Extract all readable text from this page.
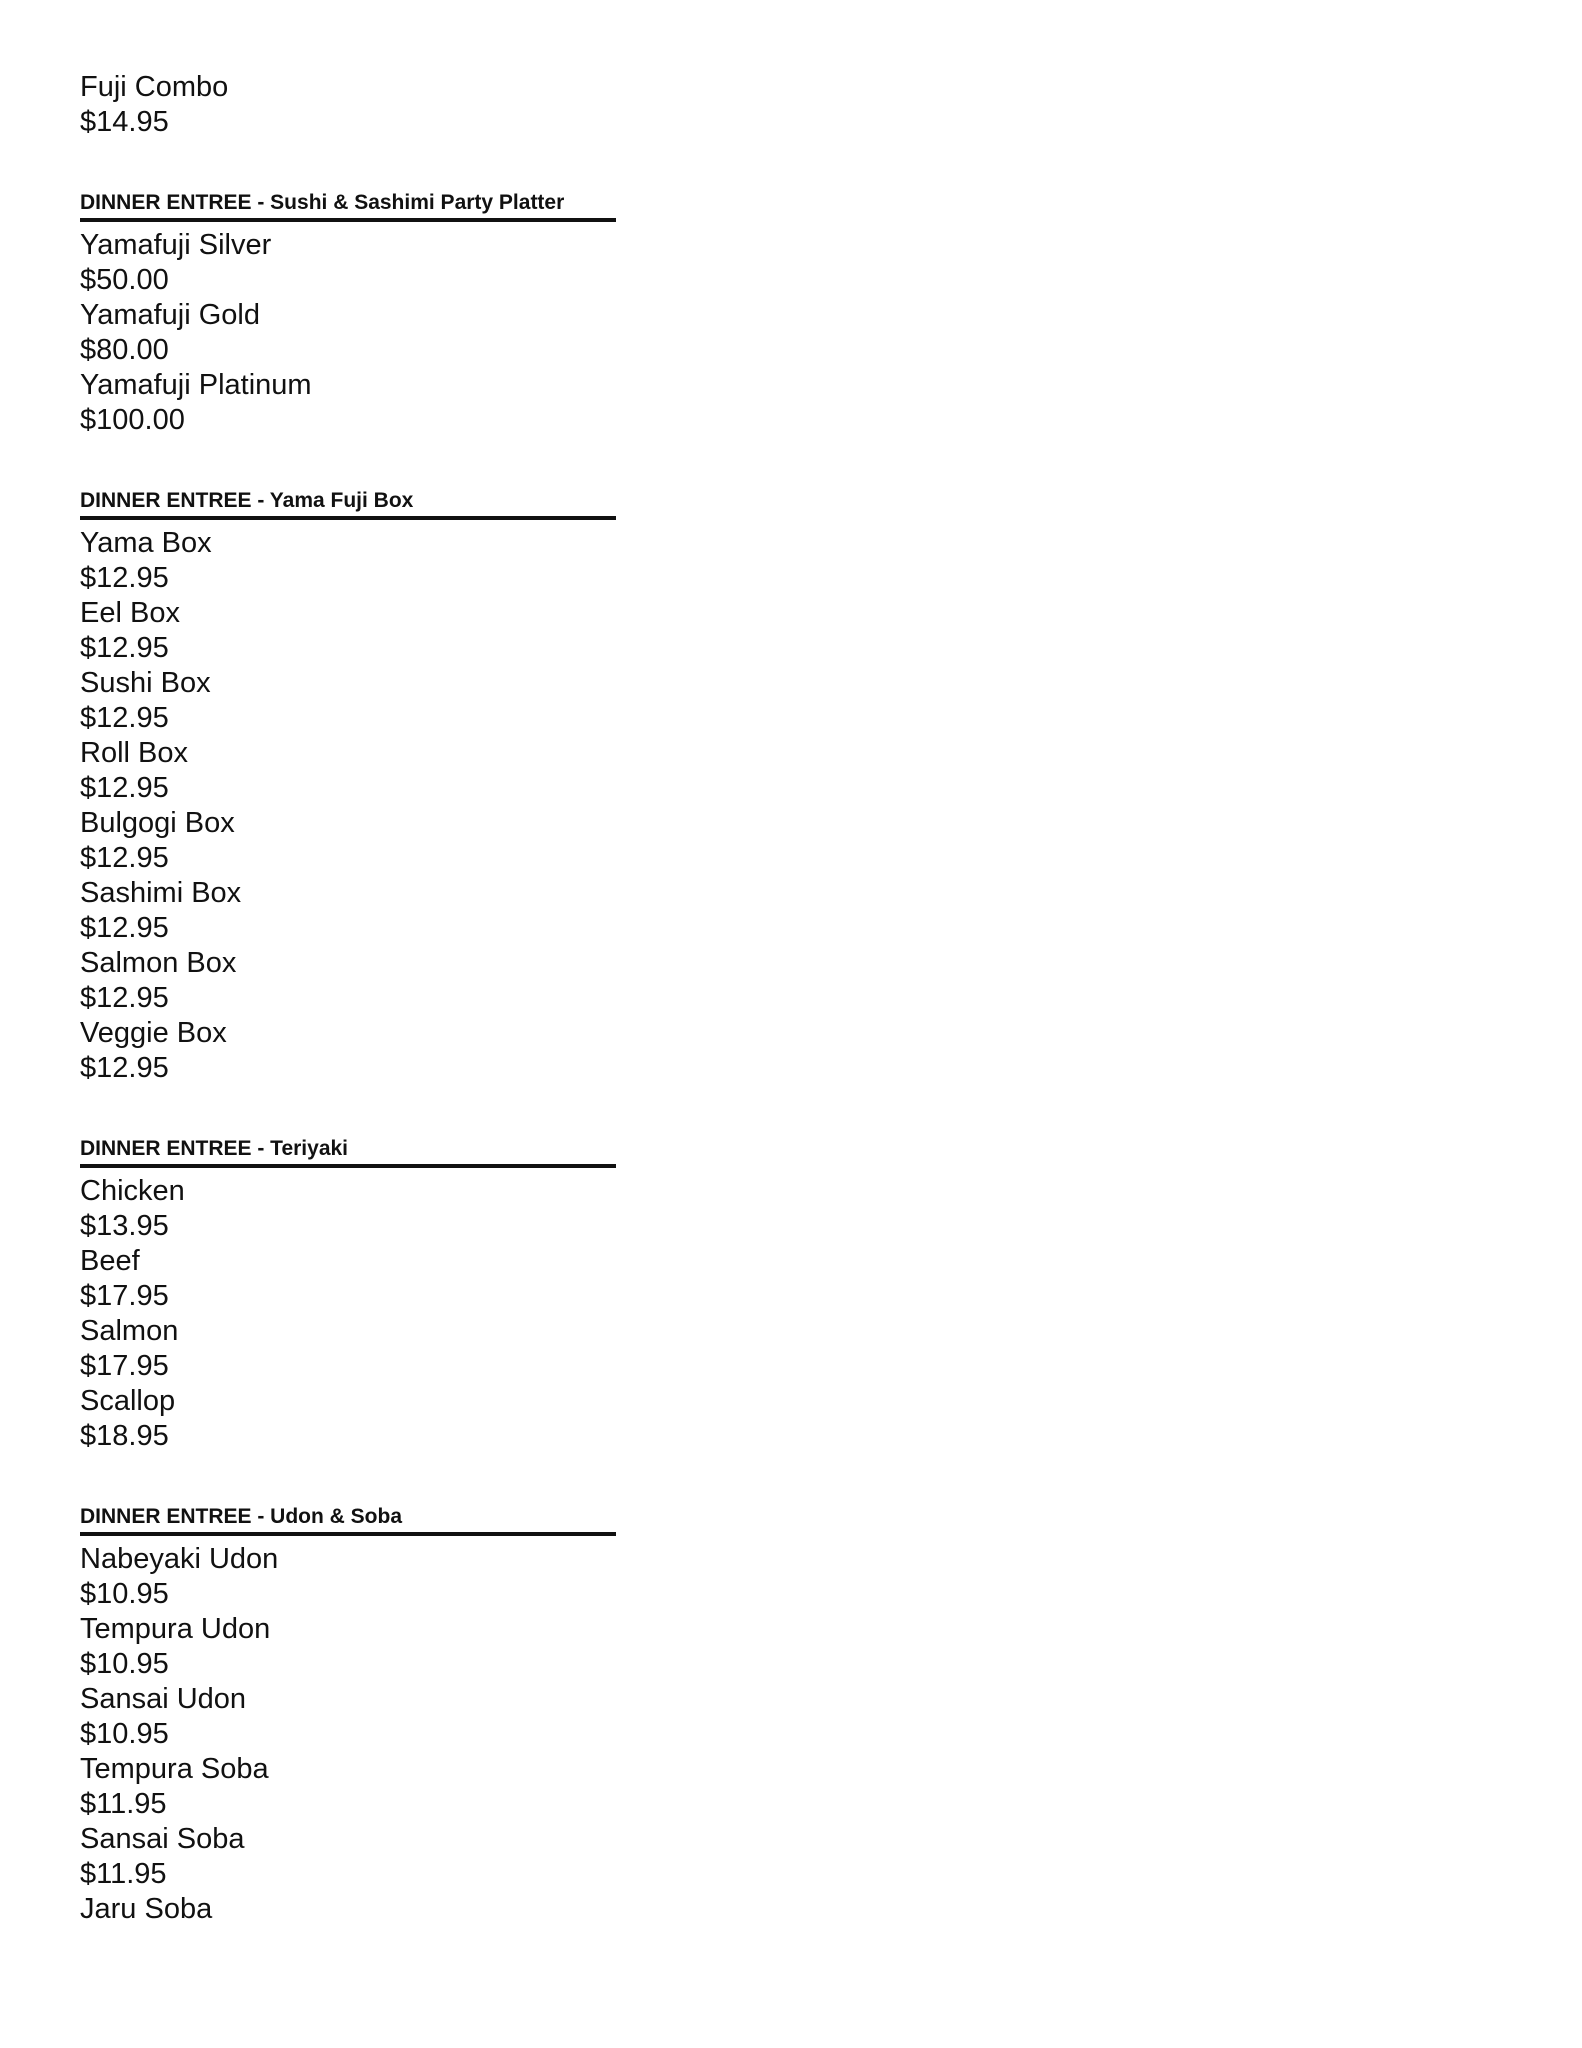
Fuji Combo
$14.95
DINNER ENTREE - Sushi & Sashimi Party Platter
Yamafuji Silver
$50.00
Yamafuji Gold
$80.00
Yamafuji Platinum
$100.00
DINNER ENTREE - Yama Fuji Box
Yama Box
$12.95
Eel Box
$12.95
Sushi Box
$12.95
Roll Box
$12.95
Bulgogi Box
$12.95
Sashimi Box
$12.95
Salmon Box
$12.95
Veggie Box
$12.95
DINNER ENTREE - Teriyaki
Chicken
$13.95
Beef
$17.95
Salmon
$17.95
Scallop
$18.95
DINNER ENTREE - Udon & Soba
Nabeyaki Udon
$10.95
Tempura Udon
$10.95
Sansai Udon
$10.95
Tempura Soba
$11.95
Sansai Soba
$11.95
Jaru Soba
